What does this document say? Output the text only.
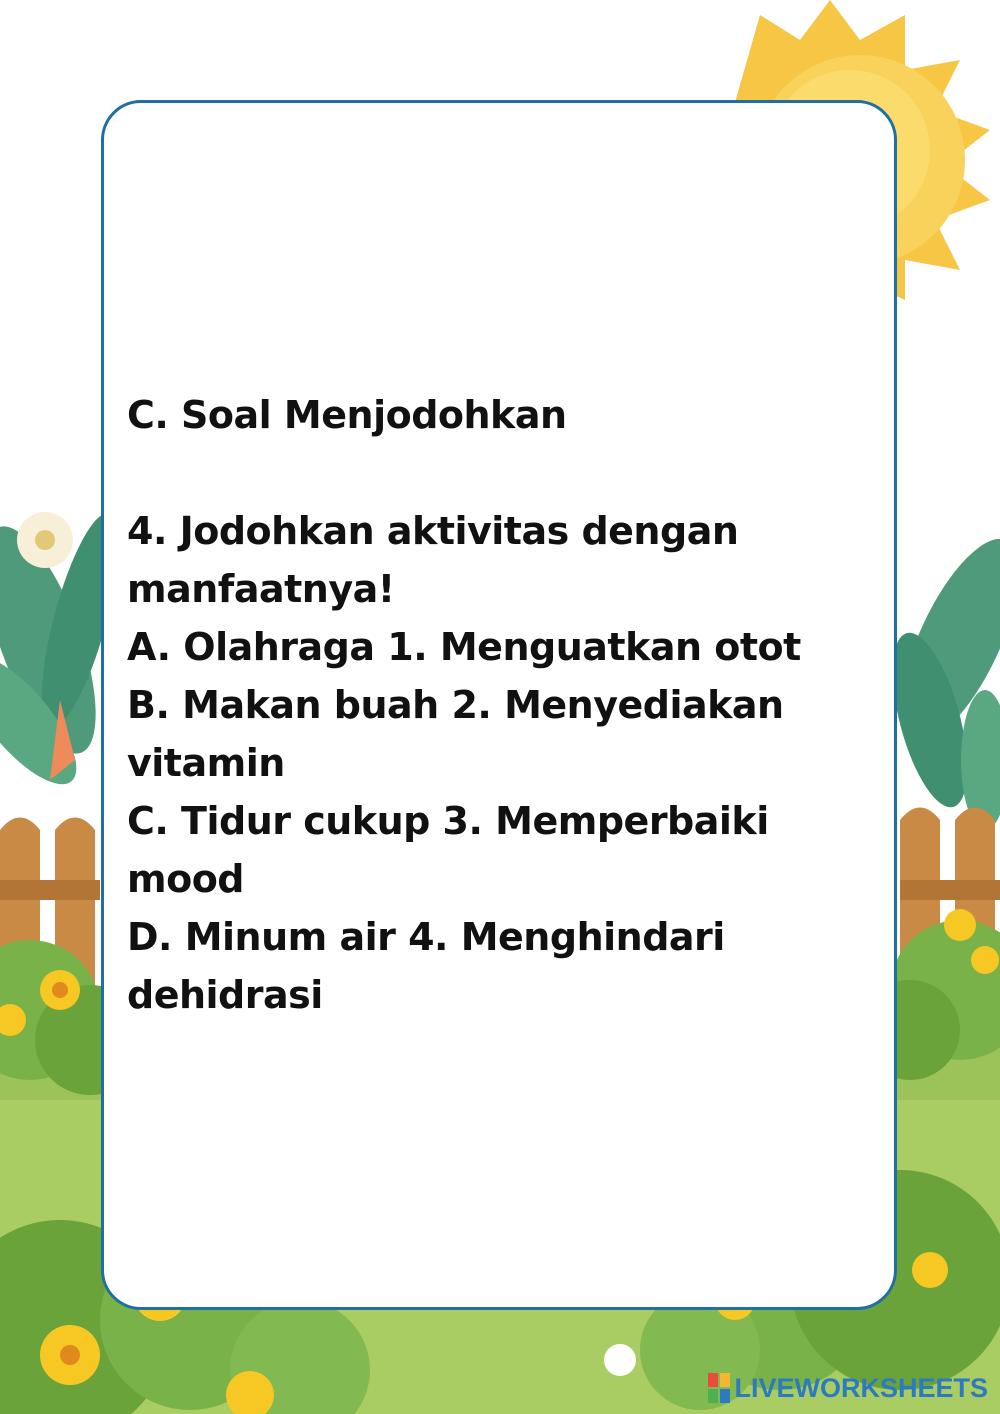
C. Soal Menjodohkan
4. Jodohkan aktivitas dengan
manfaatnya!
A. Olahraga 1. Menguatkan otot
B. Makan buah 2. Menyediakan
vitamin
C. Tidur cukup 3. Memperbaiki mood
D. Minum air 4. Menghindari
dehidrasi
LIVEWORKSHEETS
